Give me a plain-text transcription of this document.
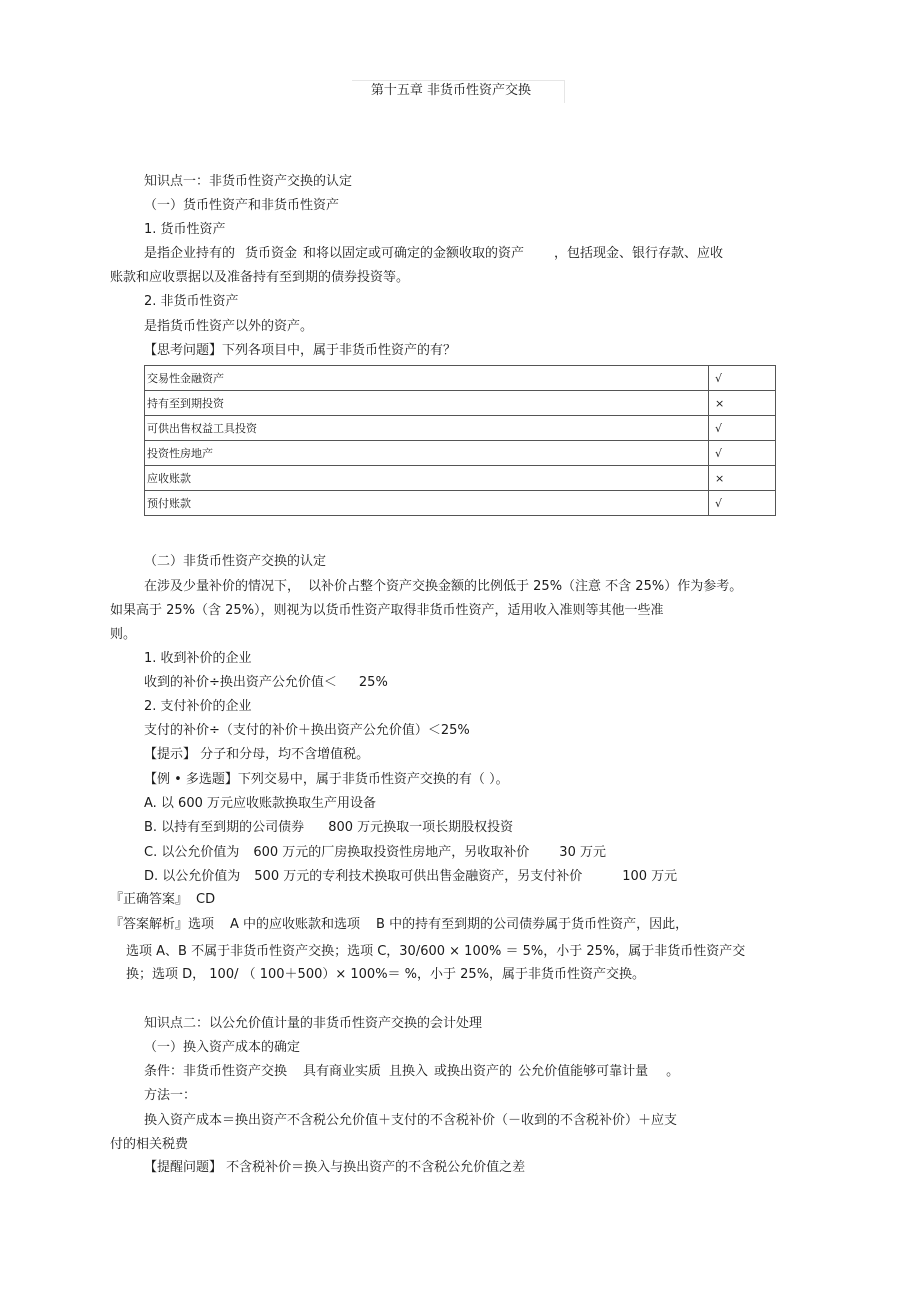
第十五章 非货币性资产交换
知识点一：非货币性资产交换的认定
（一）货币性资产和非货币性资产
1. 货币性资产
是指企业持有的 货币资金 和将以固定或可确定的金额收取的资产 ，包括现金、银行存款、应收
账款和应收票据以及准备持有至到期的债券投资等。
2. 非货币性资产
是指货币性资产以外的资产。
【思考问题】下列各项目中，属于非货币性资产的有？
交易性金融资产	√
持有至到期投资	×
可供出售权益工具投资	√
投资性房地产	√
应收账款	×
预付账款	√
（二）非货币性资产交换的认定
在涉及少量补价的情况下， 以补价占整个资产交换金额的比例低于 25%（注意 不含 25%）作为参考。
如果高于 25%（含 25%），则视为以货币性资产取得非货币性资产，适用收入准则等其他一些准
则。
1. 收到补价的企业
收到的补价÷换出资产公允价值＜ 25%
2. 支付补价的企业
支付的补价÷（支付的补价＋换出资产公允价值）＜25%
【提示】 分子和分母，均不含增值税。
【例 • 多选题】下列交易中，属于非货币性资产交换的有（ ）。
A. 以 600 万元应收账款换取生产用设备
B. 以持有至到期的公司债券 800 万元换取一项长期股权投资
C. 以公允价值为 600 万元的厂房换取投资性房地产，另收取补价 30 万元
D. 以公允价值为 500 万元的专利技术换取可供出售金融资产，另支付补价	100 万元
『正确答案』 CD
『答案解析』选项 A 中的应收账款和选项 B 中的持有至到期的公司债券属于货币性资产，因此，
选项 A、B 不属于非货币性资产交换；选项 C，30/600 × 100% ＝ 5%，小于 25%，属于非货币性资产交
换；选项 D， 100/ （ 100＋500）× 100%＝ %，小于 25%，属于非货币性资产交换。
知识点二：以公允价值计量的非货币性资产交换的会计处理
（一）换入资产成本的确定
条件：非货币性资产交换 具有商业实质 且换入 或换出资产的 公允价值能够可靠计量 。
方法一：
换入资产成本＝换出资产不含税公允价值＋支付的不含税补价（－收到的不含税补价）＋应支
付的相关税费
【提醒问题】 不含税补价＝换入与换出资产的不含税公允价值之差
